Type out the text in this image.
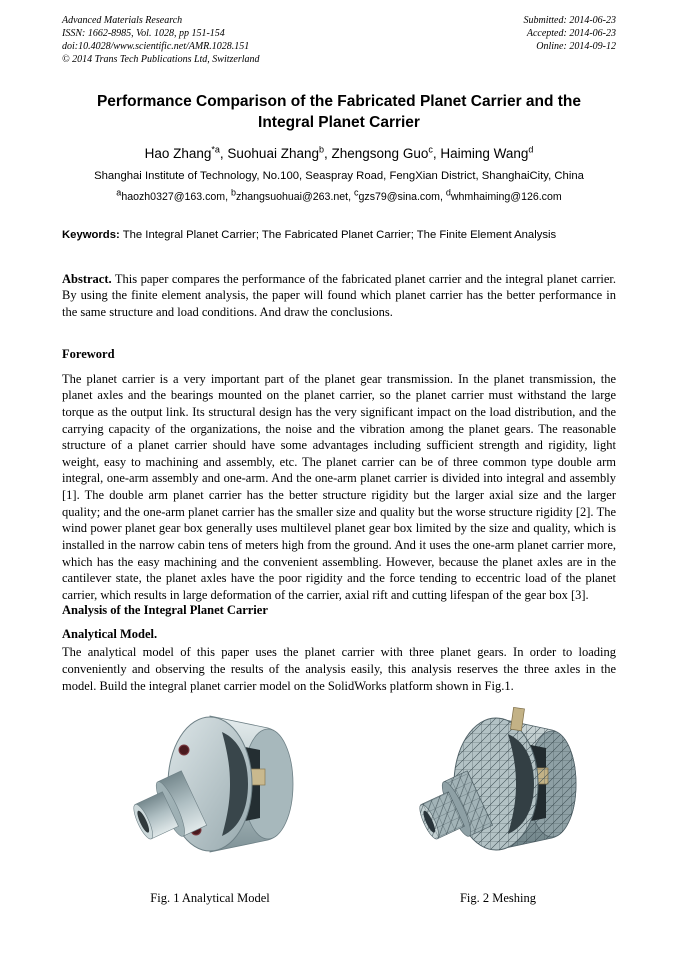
Advanced Materials Research
ISSN: 1662-8985, Vol. 1028, pp 151-154
doi:10.4028/www.scientific.net/AMR.1028.151
© 2014 Trans Tech Publications Ltd, Switzerland
Submitted: 2014-06-23
Accepted: 2014-06-23
Online: 2014-09-12
Performance Comparison of the Fabricated Planet Carrier and the Integral Planet Carrier
Hao Zhang$^{*a}$, Suohuai Zhang$^b$, Zhengsong Guo$^c$, Haiming Wang$^d$
Shanghai Institute of Technology, No.100, Seaspray Road, FengXian District, ShanghaiCity, China
$^a$haozh0327@163.com, $^b$zhangsuohuai@263.net, $^c$gzs79@sina.com, $^d$whmhaiming@126.com

Keywords: The Integral Planet Carrier; The Fabricated Planet Carrier; The Finite Element Analysis

Abstract. This paper compares the performance of the fabricated planet carrier and the integral planet carrier. By using the finite element analysis, the paper will found which planet carrier has the better performance in the same structure and load conditions. And draw the conclusions.

Foreword

The planet carrier is a very important part of the planet gear transmission. In the planet transmission, the planet axles and the bearings mounted on the planet carrier, so the planet carrier must withstand the large torque as the output link. Its structural design has the very significant impact on the load distribution, and the carrying capacity of the organizations, the noise and the vibration among the planet gears. The reasonable structure of a planet carrier should have some advantages including sufficient strength and rigidity, light weight, easy to machining and assembly, etc. The planet carrier can be of three common type double arm integral, one-arm assembly and one-arm. And the one-arm planet carrier is divided into integral and assembly [1]. The double arm planet carrier has the better structure rigidity but the larger axial size and the larger quality; and the one-arm planet carrier has the smaller size and quality but the worse structure rigidity [2]. The wind power planet gear box generally uses multilevel planet gear box limited by the size and quality, which is installed in the narrow cabin tens of meters high from the ground. And it uses the one-arm planet carrier more, which has the easy machining and the convenient assembling. However, because the planet axles are in the cantilever state, the planet axles have the poor rigidity and the force tending to eccentric load of the planet carrier, which results in large deformation of the carrier, axial rift and cutting lifespan of the gear box [3].

Analysis of the Integral Planet Carrier
Analytical Model.

The analytical model of this paper uses the planet carrier with three planet gears. In order to loading conveniently and observing the results of the analysis easily, this analysis reserves the three axles in the model. Build the integral planet carrier model on the SolidWorks platform shown in Fig.1.

Fig. 1 Analytical Model	Fig. 2 Meshing
